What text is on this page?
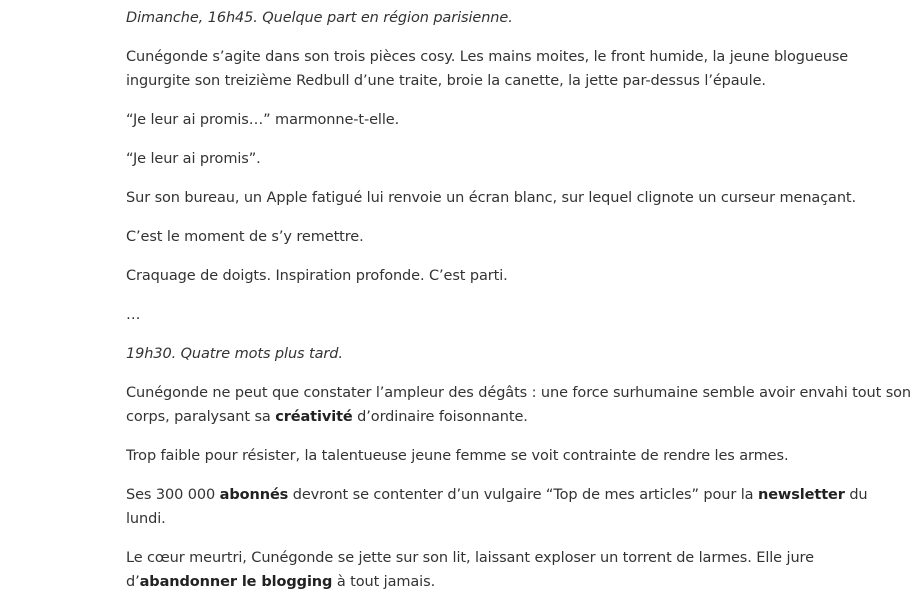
Dimanche, 16h45. Quelque part en région parisienne.

Cunégonde s’agite dans son trois pièces cosy. Les mains moites, le front humide, la jeune blogueuse ingurgite son treizième Redbull d’une traite, broie la canette, la jette par-dessus l’épaule.

“Je leur ai promis…” marmonne-t-elle.

“Je leur ai promis”.

Sur son bureau, un Apple fatigué lui renvoie un écran blanc, sur lequel clignote un curseur menaçant.

C’est le moment de s’y remettre.

Craquage de doigts. Inspiration profonde. C’est parti.

…

19h30. Quatre mots plus tard.

Cunégonde ne peut que constater l’ampleur des dégâts : une force surhumaine semble avoir envahi tout son corps, paralysant sa créativité d’ordinaire foisonnante.

Trop faible pour résister, la talentueuse jeune femme se voit contrainte de rendre les armes.

Ses 300 000 abonnés devront se contenter d’un vulgaire “Top de mes articles” pour la newsletter du lundi.

Le cœur meurtri, Cunégonde se jette sur son lit, laissant exploser un torrent de larmes. Elle jure d’abandonner le blogging à tout jamais.
